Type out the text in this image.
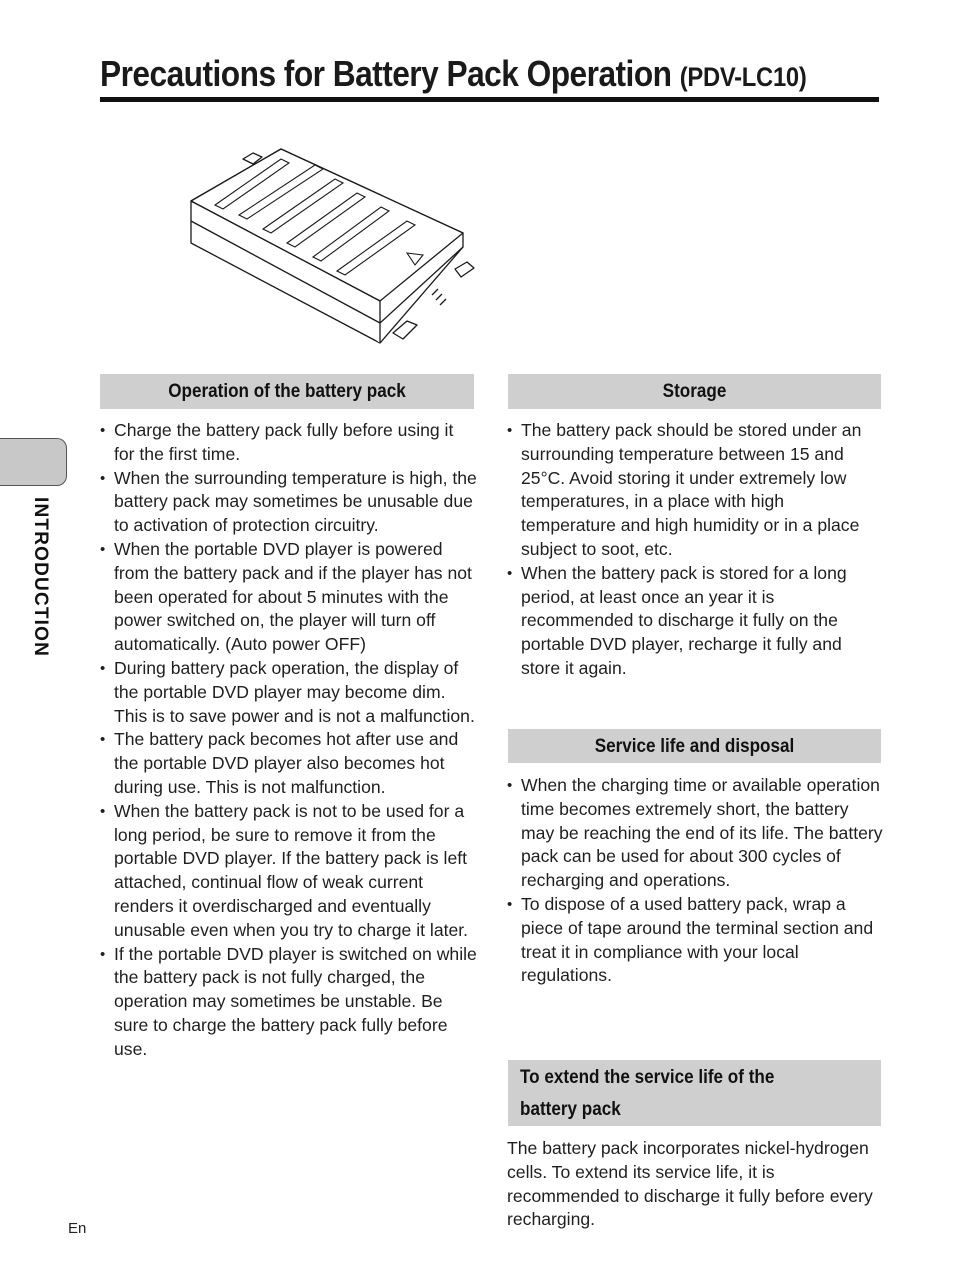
Precautions for Battery Pack Operation (PDV-LC10)
INTRODUCTION
Operation of the battery pack
• Charge the battery pack fully before using it for the first time.
• When the surrounding temperature is high, the battery pack may sometimes be unusable due to activation of protection circuitry.
• When the portable DVD player is powered from the battery pack and if the player has not been operated for about 5 minutes with the power switched on, the player will turn off automatically. (Auto power OFF)
• During battery pack operation, the display of the portable DVD player may become dim. This is to save power and is not a malfunction.
• The battery pack becomes hot after use and the portable DVD player also becomes hot during use. This is not malfunction.
• When the battery pack is not to be used for a long period, be sure to remove it from the portable DVD player. If the battery pack is left attached, continual flow of weak current renders it overdischarged and eventually unusable even when you try to charge it later.
• If the portable DVD player is switched on while the battery pack is not fully charged, the operation may sometimes be unstable. Be sure to charge the battery pack fully before use.
Storage
• The battery pack should be stored under an surrounding temperature between 15 and 25°C. Avoid storing it under extremely low temperatures, in a place with high temperature and high humidity or in a place subject to soot, etc.
• When the battery pack is stored for a long period, at least once an year it is recommended to discharge it fully on the portable DVD player, recharge it fully and store it again.
Service life and disposal
• When the charging time or available operation time becomes extremely short, the battery may be reaching the end of its life. The battery pack can be used for about 300 cycles of recharging and operations.
• To dispose of a used battery pack, wrap a piece of tape around the terminal section and treat it in compliance with your local regulations.
To extend the service life of the battery pack

The battery pack incorporates nickel-hydrogen cells. To extend its service life, it is recommended to discharge it fully before every recharging.

En
